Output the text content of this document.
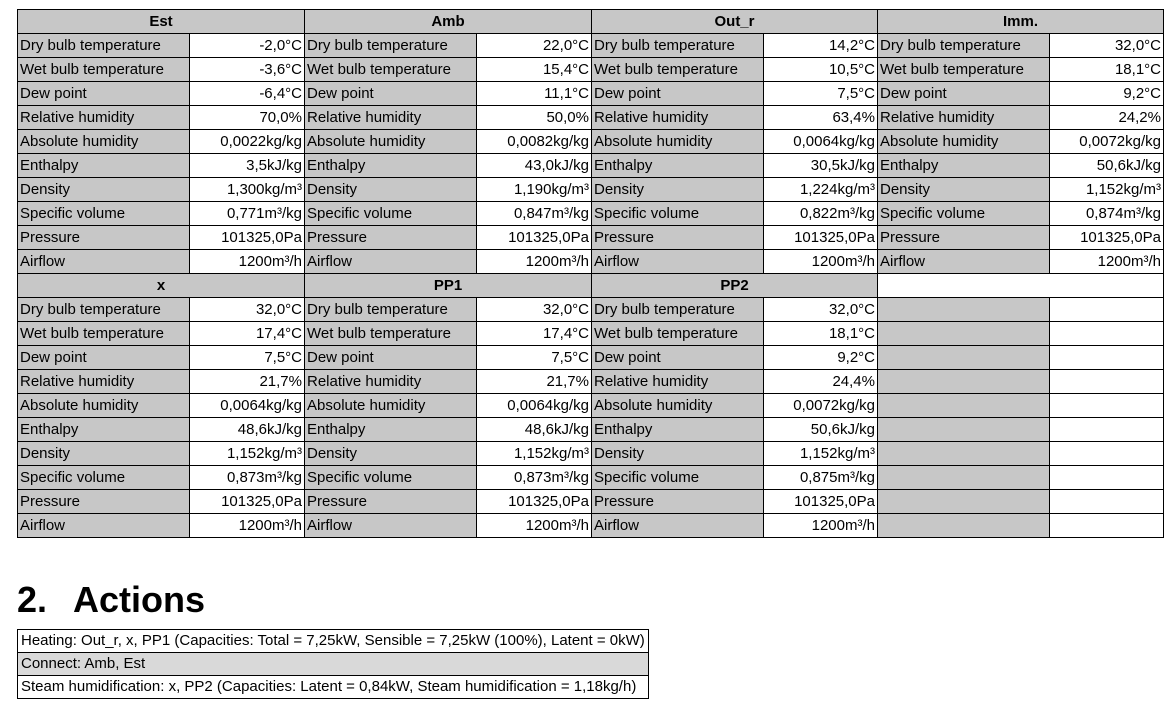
Est		Amb		Out_r		Imm.	
Dry bulb temperature	-2,0°C	Dry bulb temperature	22,0°C	Dry bulb temperature	14,2°C	Dry bulb temperature	32,0°C
Wet bulb temperature	-3,6°C	Wet bulb temperature	15,4°C	Wet bulb temperature	10,5°C	Wet bulb temperature	18,1°C
Dew point	-6,4°C	Dew point	11,1°C	Dew point	7,5°C	Dew point	9,2°C
Relative humidity	70,0%	Relative humidity	50,0%	Relative humidity	63,4%	Relative humidity	24,2%
Absolute humidity	0,0022kg/kg	Absolute humidity	0,0082kg/kg	Absolute humidity	0,0064kg/kg	Absolute humidity	0,0072kg/kg
Enthalpy	3,5kJ/kg	Enthalpy	43,0kJ/kg	Enthalpy	30,5kJ/kg	Enthalpy	50,6kJ/kg
Density	1,300kg/m³	Density	1,190kg/m³	Density	1,224kg/m³	Density	1,152kg/m³
Specific volume	0,771m³/kg	Specific volume	0,847m³/kg	Specific volume	0,822m³/kg	Specific volume	0,874m³/kg
Pressure	101325,0Pa	Pressure	101325,0Pa	Pressure	101325,0Pa	Pressure	101325,0Pa
Airflow	1200m³/h	Airflow	1200m³/h	Airflow	1200m³/h	Airflow	1200m³/h
x		PP1		PP2			
Dry bulb temperature	32,0°C	Dry bulb temperature	32,0°C	Dry bulb temperature	32,0°C		
Wet bulb temperature	17,4°C	Wet bulb temperature	17,4°C	Wet bulb temperature	18,1°C		
Dew point	7,5°C	Dew point	7,5°C	Dew point	9,2°C		
Relative humidity	21,7%	Relative humidity	21,7%	Relative humidity	24,4%		
Absolute humidity	0,0064kg/kg	Absolute humidity	0,0064kg/kg	Absolute humidity	0,0072kg/kg		
Enthalpy	48,6kJ/kg	Enthalpy	48,6kJ/kg	Enthalpy	50,6kJ/kg		
Density	1,152kg/m³	Density	1,152kg/m³	Density	1,152kg/m³		
Specific volume	0,873m³/kg	Specific volume	0,873m³/kg	Specific volume	0,875m³/kg		
Pressure	101325,0Pa	Pressure	101325,0Pa	Pressure	101325,0Pa		
Airflow	1200m³/h	Airflow	1200m³/h	Airflow	1200m³/h		
2. Actions
Heating: Out_r, x, PP1 (Capacities: Total = 7,25kW, Sensible = 7,25kW (100%), Latent = 0kW)
Connect: Amb, Est
Steam humidification: x, PP2 (Capacities: Latent = 0,84kW, Steam humidification = 1,18kg/h)
